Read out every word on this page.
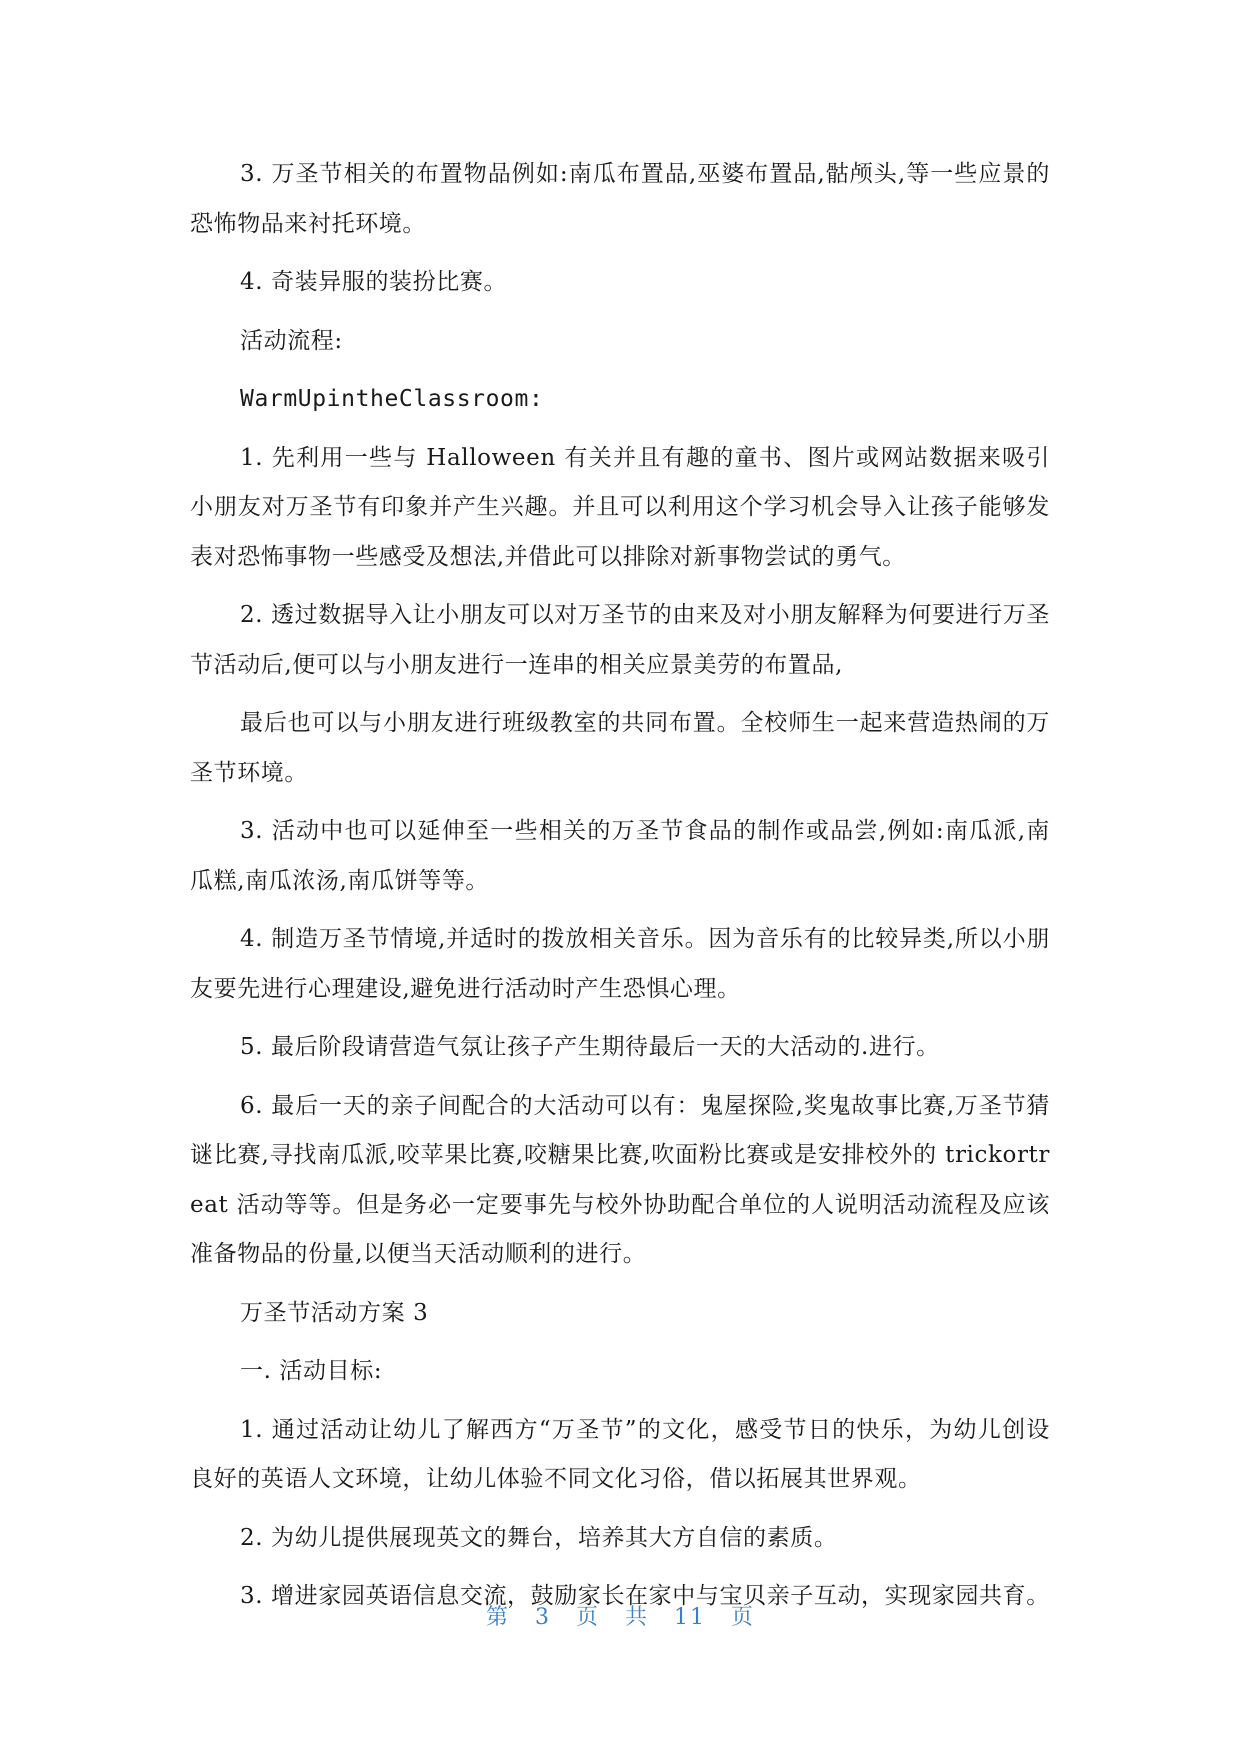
3. 万圣节相关的布置物品例如:南瓜布置品,巫婆布置品,骷颅头,等一些应景的恐怖物品来衬托环境。

4. 奇装异服的装扮比赛。

活动流程:

WarmUpintheClassroom:

1. 先利用一些与 Halloween 有关并且有趣的童书、图片或网站数据来吸引小朋友对万圣节有印象并产生兴趣。并且可以利用这个学习机会导入让孩子能够发表对恐怖事物一些感受及想法,并借此可以排除对新事物尝试的勇气。

2. 透过数据导入让小朋友可以对万圣节的由来及对小朋友解释为何要进行万圣节活动后,便可以与小朋友进行一连串的相关应景美劳的布置品,

最后也可以与小朋友进行班级教室的共同布置。全校师生一起来营造热闹的万圣节环境。

3. 活动中也可以延伸至一些相关的万圣节食品的制作或品尝,例如:南瓜派,南瓜糕,南瓜浓汤,南瓜饼等等。

4. 制造万圣节情境,并适时的拨放相关音乐。因为音乐有的比较异类,所以小朋友要先进行心理建设,避免进行活动时产生恐惧心理。

5. 最后阶段请营造气氛让孩子产生期待最后一天的大活动的.进行。

6. 最后一天的亲子间配合的大活动可以有：鬼屋探险,奖鬼故事比赛,万圣节猜谜比赛,寻找南瓜派,咬苹果比赛,咬糖果比赛,吹面粉比赛或是安排校外的 trickortreat 活动等等。但是务必一定要事先与校外协助配合单位的人说明活动流程及应该准备物品的份量,以便当天活动顺利的进行。

万圣节活动方案 3

一. 活动目标:

1. 通过活动让幼儿了解西方“万圣节”的文化，感受节日的快乐，为幼儿创设良好的英语人文环境，让幼儿体验不同文化习俗，借以拓展其世界观。

2. 为幼儿提供展现英文的舞台，培养其大方自信的素质。

3. 增进家园英语信息交流，鼓励家长在家中与宝贝亲子互动，实现家园共育。

第 3 页 共 11 页
